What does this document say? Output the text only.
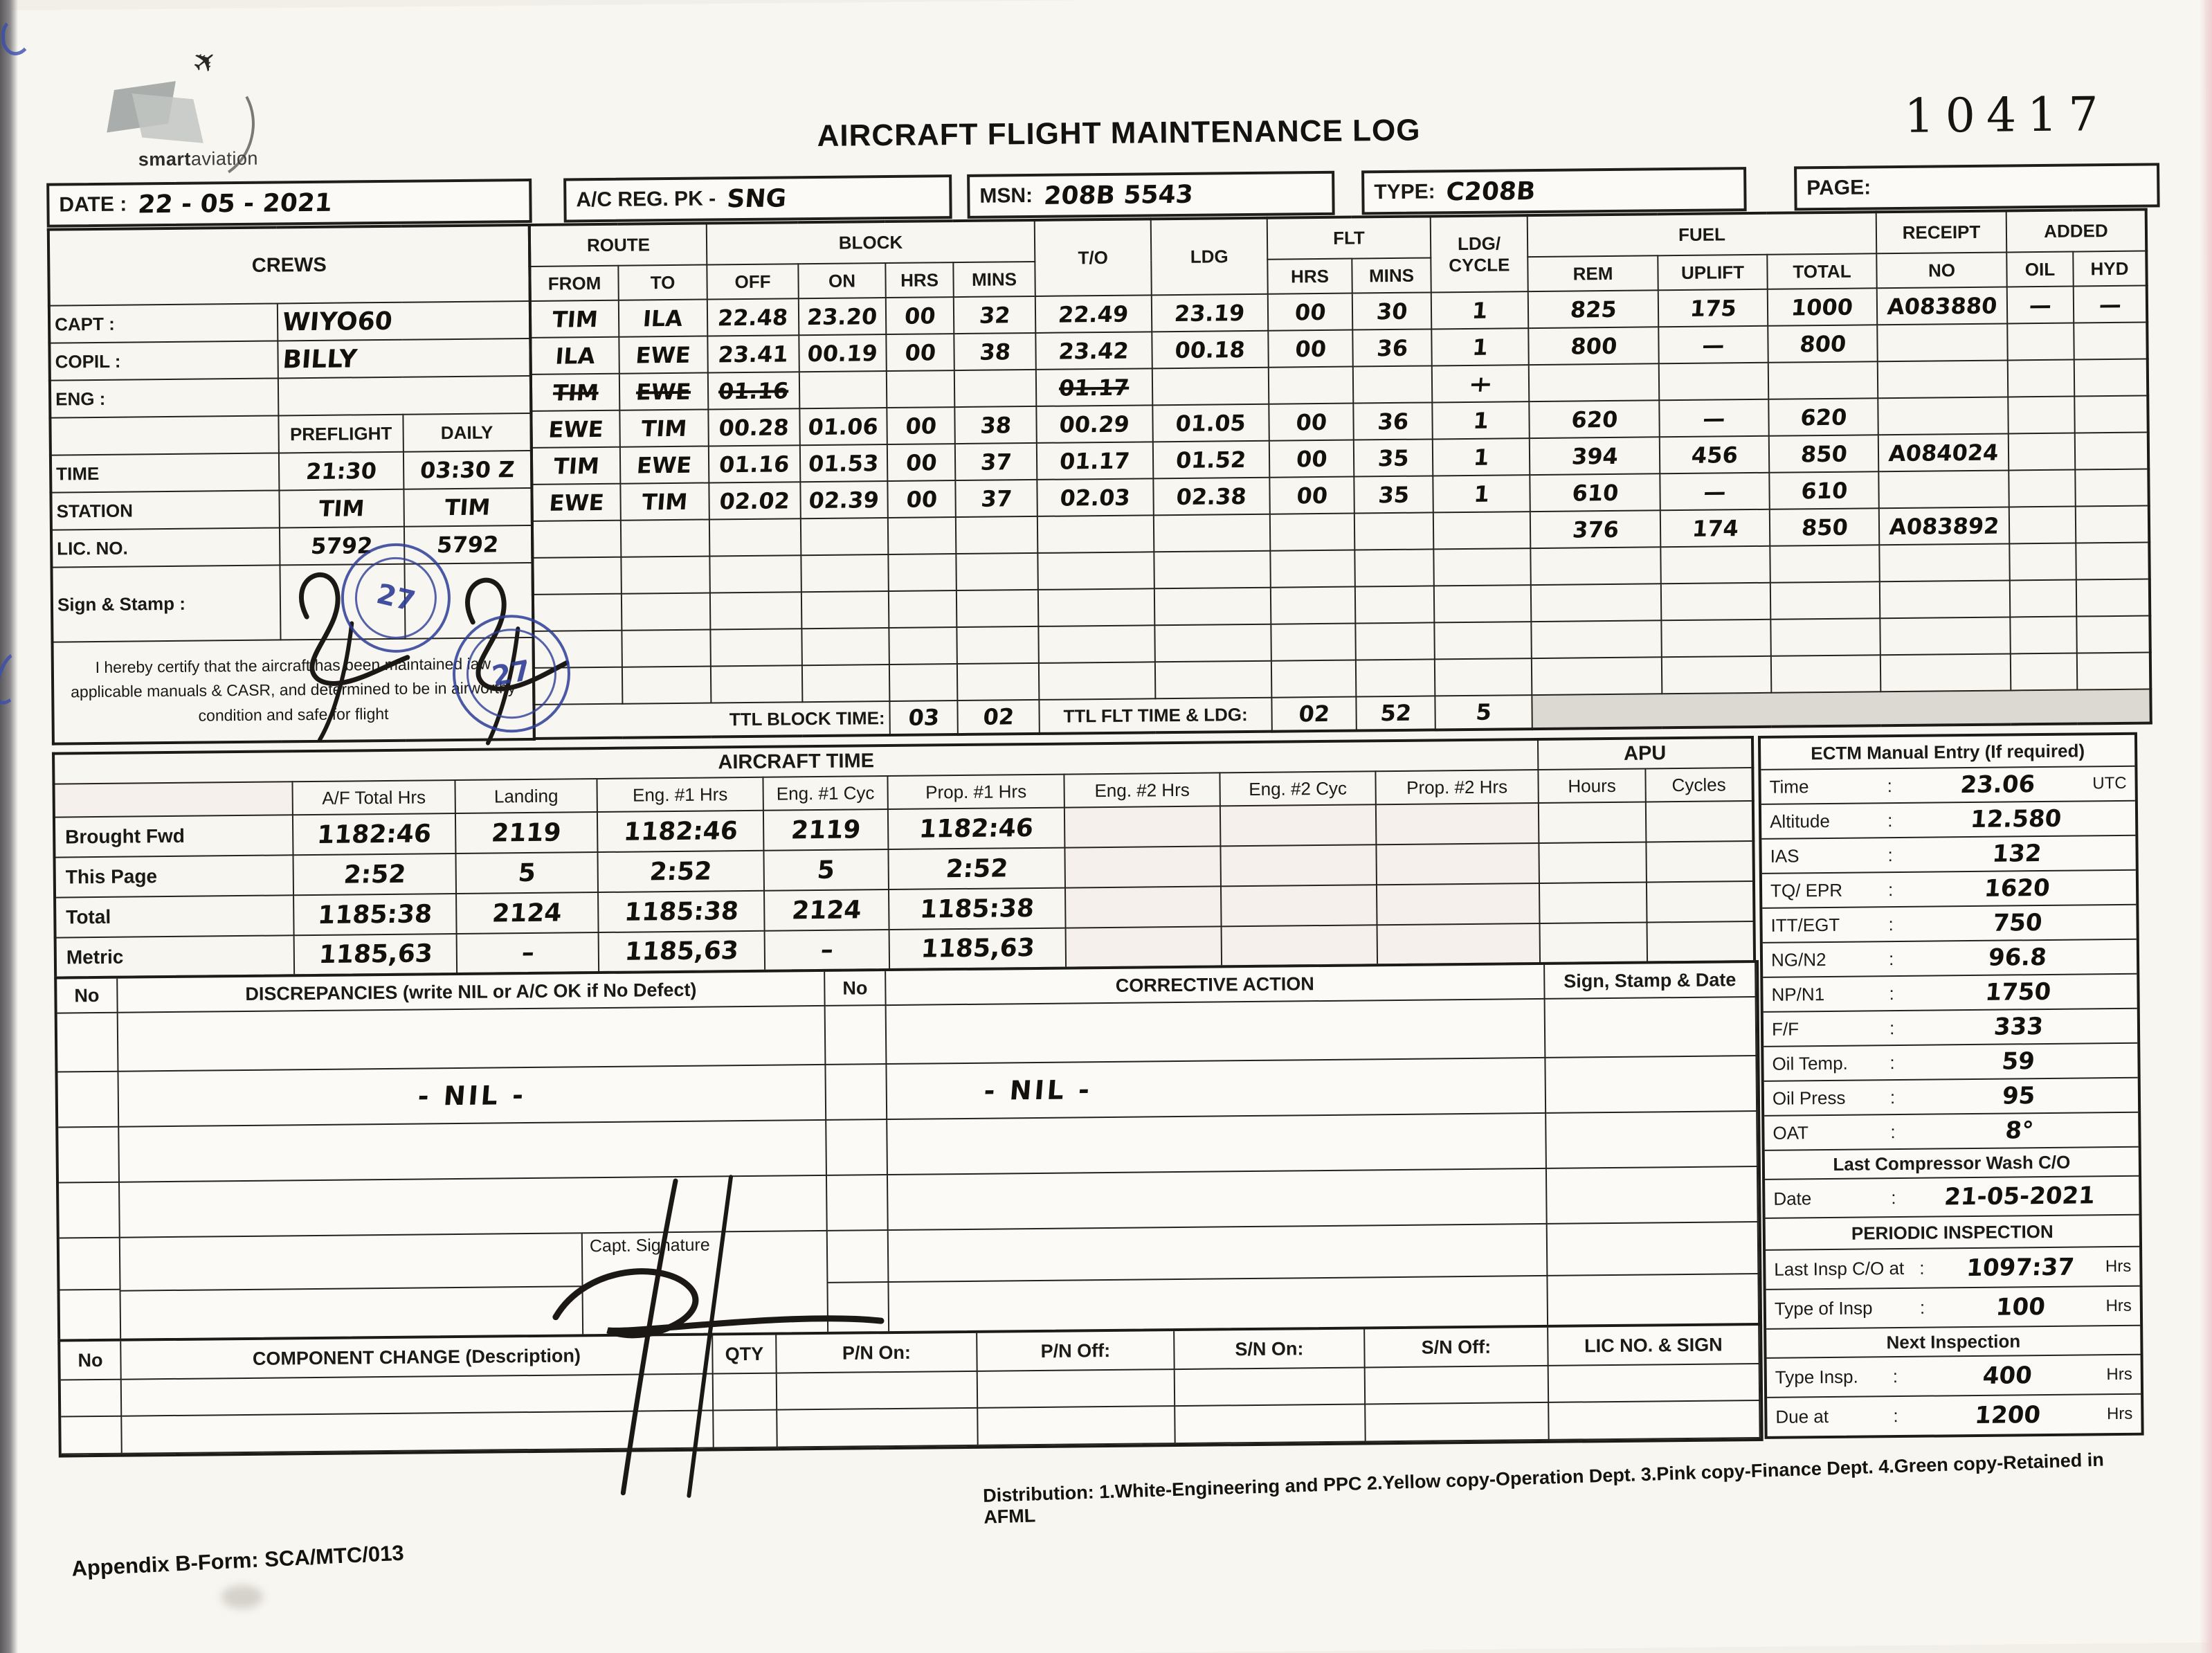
smartaviation
✈
AIRCRAFT FLIGHT MAINTENANCE LOG	10417
DATE : 22 - 05 - 2021	A/C REG. PK - SNG	MSN: 208B 5543	TYPE: C208B	PAGE:
CREWS		
CAPT :	WIYO60	
COPIL :	BILLY	
ENG :		
	PREFLIGHT	DAILY
TIME	21:30	03:30 Z
STATION	TIM	TIM
LIC. NO.	5792	5792
Sign & Stamp :		
I hereby certify that the aircraft has been maintained iaw applicable manuals & CASR, and determined to be in airworthy condition and safe for flight		
ROUTE		BLOCK				T/O	LDG	FLT		LDG/
CYCLE	FUEL			RECEIPT	ADDED	
FROM	TO	OFF	ON	HRS	MINS			HRS	MINS		REM	UPLIFT	TOTAL	NO	OIL	HYD
TIM	ILA	22.48	23.20	00	32	22.49	23.19	00	30	1	825	175	1000	A083880	—	—
ILA	EWE	23.41	00.19	00	38	23.42	00.18	00	36	1	800	—	800			
TIM	EWE	01.16				01.17				+						
EWE	TIM	00.28	01.06	00	38	00.29	01.05	00	36	1	620	—	620			
TIM	EWE	01.16	01.53	00	37	01.17	01.52	00	35	1	394	456	850	A084024		
EWE	TIM	02.02	02.39	00	37	02.03	02.38	00	35	1	610	—	610			
											376	174	850	A083892		

TTL BLOCK TIME:				03	02	TTL FLT TIME & LDG:		02	52	5						
AIRCRAFT TIME									APU	
	A/F Total Hrs	Landing	Eng. #1 Hrs	Eng. #1 Cyc	Prop. #1 Hrs	Eng. #2 Hrs	Eng. #2 Cyc	Prop. #2 Hrs	Hours	Cycles
Brought Fwd	1182:46	2119	1182:46	2119	1182:46					
This Page	2:52	5	2:52	5	2:52					
Total	1185:38	2124	1185:38	2124	1185:38					
Metric	1185,63	–	1185,63	–	1185,63					
ECTM Manual Entry (If required)
Time	:	23.06	UTC
Altitude	:	12.580
IAS	:	132
TQ/ EPR	:	1620
ITT/EGT	:	750
NG/N2	:	96.8
NP/N1	:	1750
F/F	:	333
Oil Temp.	:	59
Oil Press	:	95
OAT	:	8°
Last Compressor Wash C/O
Date	:	21-05-2021
PERIODIC INSPECTION
Last Insp C/O at :	1097:37	Hrs
Type of Insp	:	100	Hrs
Next Inspection
Type Insp.	:	400	Hrs
Due at	:	1200	Hrs
No	DISCREPANCIES (write NIL or A/C OK if No Defect)	No	CORRECTIVE ACTION	Sign, Stamp & Date
- NIL -	- NIL -
Capt. Signature
No	COMPONENT CHANGE (Description)	QTY	P/N On:	P/N Off:	S/N On:	S/N Off:	LIC NO. & SIGN
Distribution: 1.White-Engineering and PPC 2.Yellow copy-Operation Dept. 3.Pink copy-Finance Dept. 4.Green copy-Retained in AFML
Appendix B-Form: SCA/MTC/013
27
27
